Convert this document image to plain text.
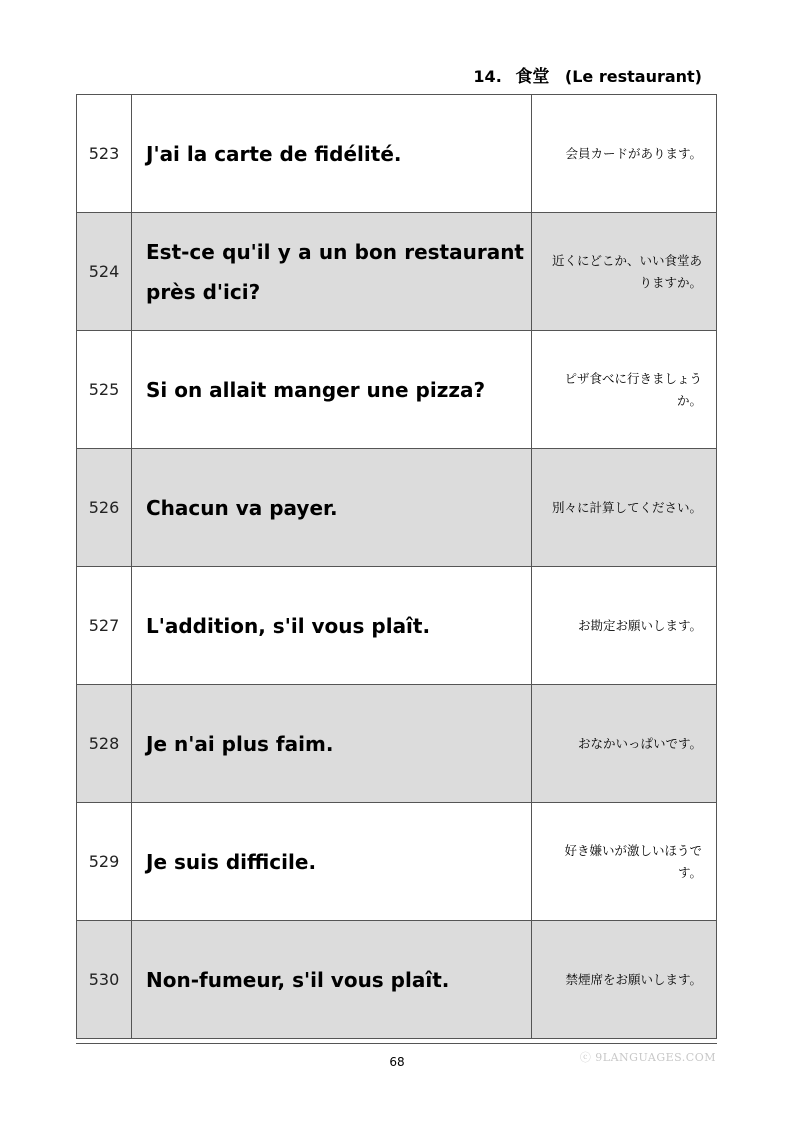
14. 食堂 (Le restaurant)
523	J'ai la carte de fidélité.	会員カードがあります。
524	Est-ce qu'il y a un bon restaurant près d'ici?	近くにどこか、いい食堂ありますか。
525	Si on allait manger une pizza?	ピザ食べに行きましょうか。
526	Chacun va payer.	別々に計算してください。
527	L'addition, s'il vous plaît.	お勘定お願いします。
528	Je n'ai plus faim.	おなかいっぱいです。
529	Je suis difficile.	好き嫌いが激しいほうです。
530	Non-fumeur, s'il vous plaît.	禁煙席をお願いします。
68	ⓒ 9LANGUAGES.COM
